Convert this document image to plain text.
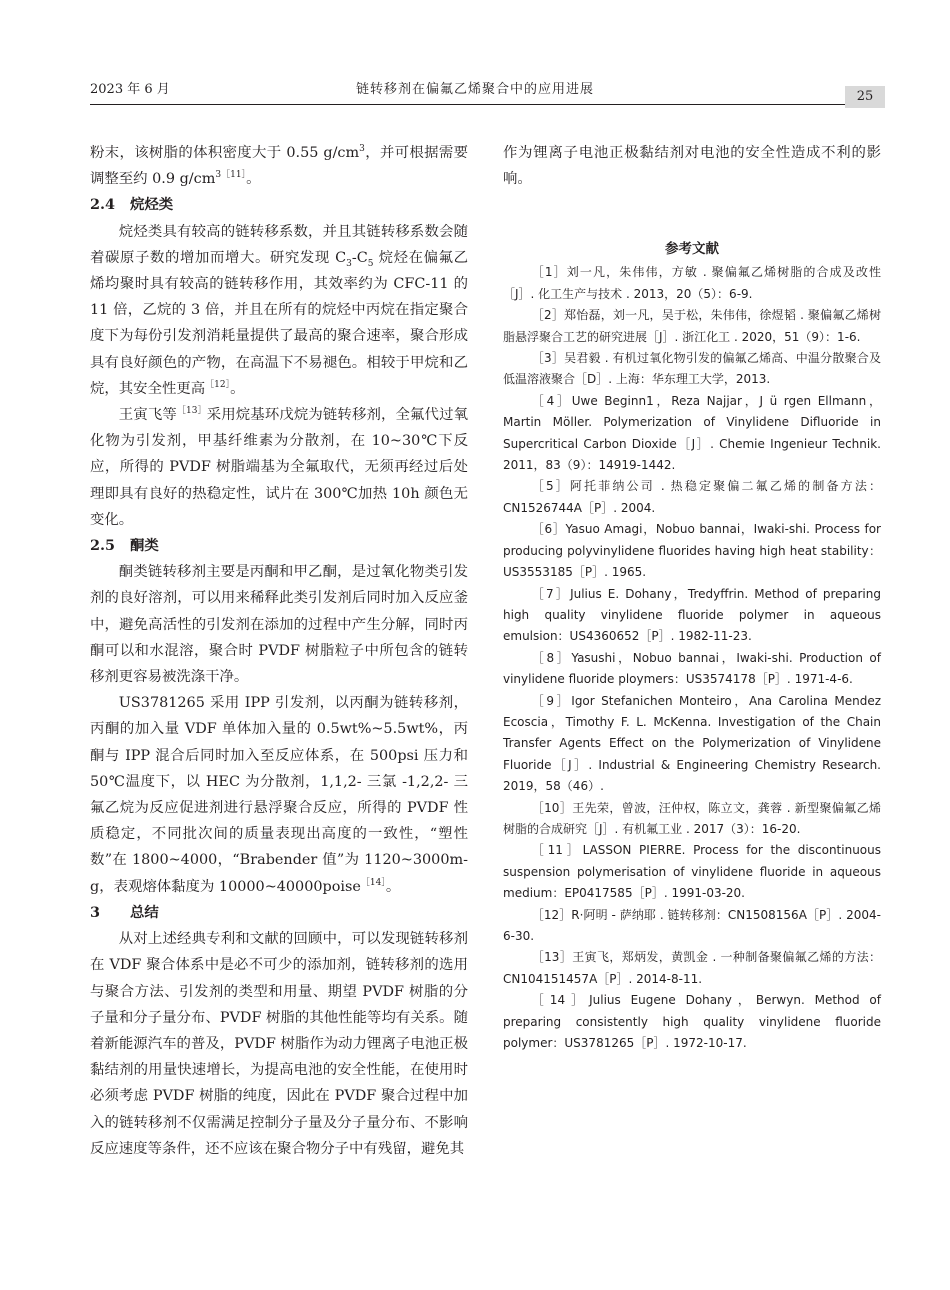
2023 年 6 月	链转移剂在偏氟乙烯聚合中的应用进展	25

粉末，该树脂的体积密度大于 0.55 $g/cm^3$，并可根据需要调整至约 0.9 $g/cm^{3[11]}$。

2.4 烷烃类

烷烃类具有较高的链转移系数，并且其链转移系数会随着碳原子数的增加而增大。研究发现 $C_3-C_5$ 烷烃在偏氟乙烯均聚时具有较高的链转移作用，其效率约为 CFC-11 的 11 倍，乙烷的 3 倍，并且在所有的烷烃中丙烷在指定聚合度下为每份引发剂消耗量提供了最高的聚合速率，聚合形成具有良好颜色的产物，在高温下不易褪色。相较于甲烷和乙烷，其安全性更高$^{[12]}$。

王寅飞等$^{[13]}$采用烷基环戊烷为链转移剂，全氟代过氧化物为引发剂，甲基纤维素为分散剂，在 10~30℃下反应，所得的 PVDF 树脂端基为全氟取代，无须再经过后处理即具有良好的热稳定性，试片在 300℃加热 10h 颜色无变化。

2.5 酮类

酮类链转移剂主要是丙酮和甲乙酮，是过氧化物类引发剂的良好溶剂，可以用来稀释此类引发剂后同时加入反应釜中，避免高活性的引发剂在添加的过程中产生分解，同时丙酮可以和水混溶，聚合时 PVDF 树脂粒子中所包含的链转移剂更容易被洗涤干净。

US3781265 采用 IPP 引发剂，以丙酮为链转移剂，丙酮的加入量 VDF 单体加入量的 0.5wt%~5.5wt%，丙酮与 IPP 混合后同时加入至反应体系，在 500psi 压力和 50℃温度下，以 HEC 为分散剂，1,1,2- 三氯 -1,2,2- 三氟乙烷为反应促进剂进行悬浮聚合反应，所得的 PVDF 性质稳定，不同批次间的质量表现出高度的一致性，“塑性数”在 1800~4000，“Brabender 值”为 1120~3000m-g，表观熔体黏度为 10000~40000poise$^{[14]}$。

3 总结

从对上述经典专利和文献的回顾中，可以发现链转移剂在 VDF 聚合体系中是必不可少的添加剂，链转移剂的选用与聚合方法、引发剂的类型和用量、期望 PVDF 树脂的分子量和分子量分布、PVDF 树脂的其他性能等均有关系。随着新能源汽车的普及，PVDF 树脂作为动力锂离子电池正极黏结剂的用量快速增长，为提高电池的安全性能，在使用时必须考虑 PVDF 树脂的纯度，因此在 PVDF 聚合过程中加入的链转移剂不仅需满足控制分子量及分子量分布、不影响反应速度等条件，还不应该在聚合物分子中有残留，避免其

作为锂离子电池正极黏结剂对电池的安全性造成不利的影响。

参考文献

［1］刘一凡，朱伟伟，方敏 . 聚偏氟乙烯树脂的合成及改性［J］. 化工生产与技术 . 2013，20（5）：6-9.

［2］郑怡磊，刘一凡，吴于松，朱伟伟，徐煜韬 . 聚偏氟乙烯树脂悬浮聚合工艺的研究进展［J］. 浙江化工 . 2020，51（9）：1-6.

［3］吴君毅 . 有机过氧化物引发的偏氟乙烯高、中温分散聚合及低温溶液聚合［D］. 上海：华东理工大学，2013.

［4］Uwe Beginn1，Reza Najjar，J ü rgen Ellmann，Martin Möller. Polymerization of Vinylidene Difluoride in Supercritical Carbon Dioxide［J］. Chemie Ingenieur Technik. 2011，83（9）：14919-1442.

［5］阿托菲纳公司 . 热稳定聚偏二氟乙烯的制备方法：CN1526744A［P］. 2004.

［6］Yasuo Amagi，Nobuo bannai，Iwaki-shi. Process for producing polyvinylidene fluorides having high heat stability：US3553185［P］. 1965.

［7］Julius E. Dohany，Tredyffrin. Method of preparing high quality vinylidene fluoride polymer in aqueous emulsion：US4360652［P］. 1982-11-23.

［8］Yasushi，Nobuo bannai，Iwaki-shi. Production of vinylidene fluoride ploymers：US3574178［P］. 1971-4-6.

［9］Igor Stefanichen Monteiro，Ana Carolina Mendez Ecoscia，Timothy F. L. McKenna. Investigation of the Chain Transfer Agents Effect on the Polymerization of Vinylidene Fluoride［J］. Industrial & Engineering Chemistry Research. 2019，58（46）.

［10］王先荣，曾波，汪仲权，陈立文，龚蓉 . 新型聚偏氟乙烯树脂的合成研究［J］. 有机氟工业 . 2017（3）：16-20.

［11］LASSON PIERRE. Process for the discontinuous suspension polymerisation of vinylidene fluoride in aqueous medium：EP0417585［P］. 1991-03-20.

［12］R·阿明 - 萨纳耶 . 链转移剂：CN1508156A［P］. 2004-6-30.

［13］王寅飞，郑炳发，黄凯金 . 一种制备聚偏氟乙烯的方法：CN104151457A［P］. 2014-8-11.

［14］Julius Eugene Dohany，Berwyn. Method of preparing consistently high quality vinylidene fluoride polymer：US3781265［P］. 1972-10-17.
